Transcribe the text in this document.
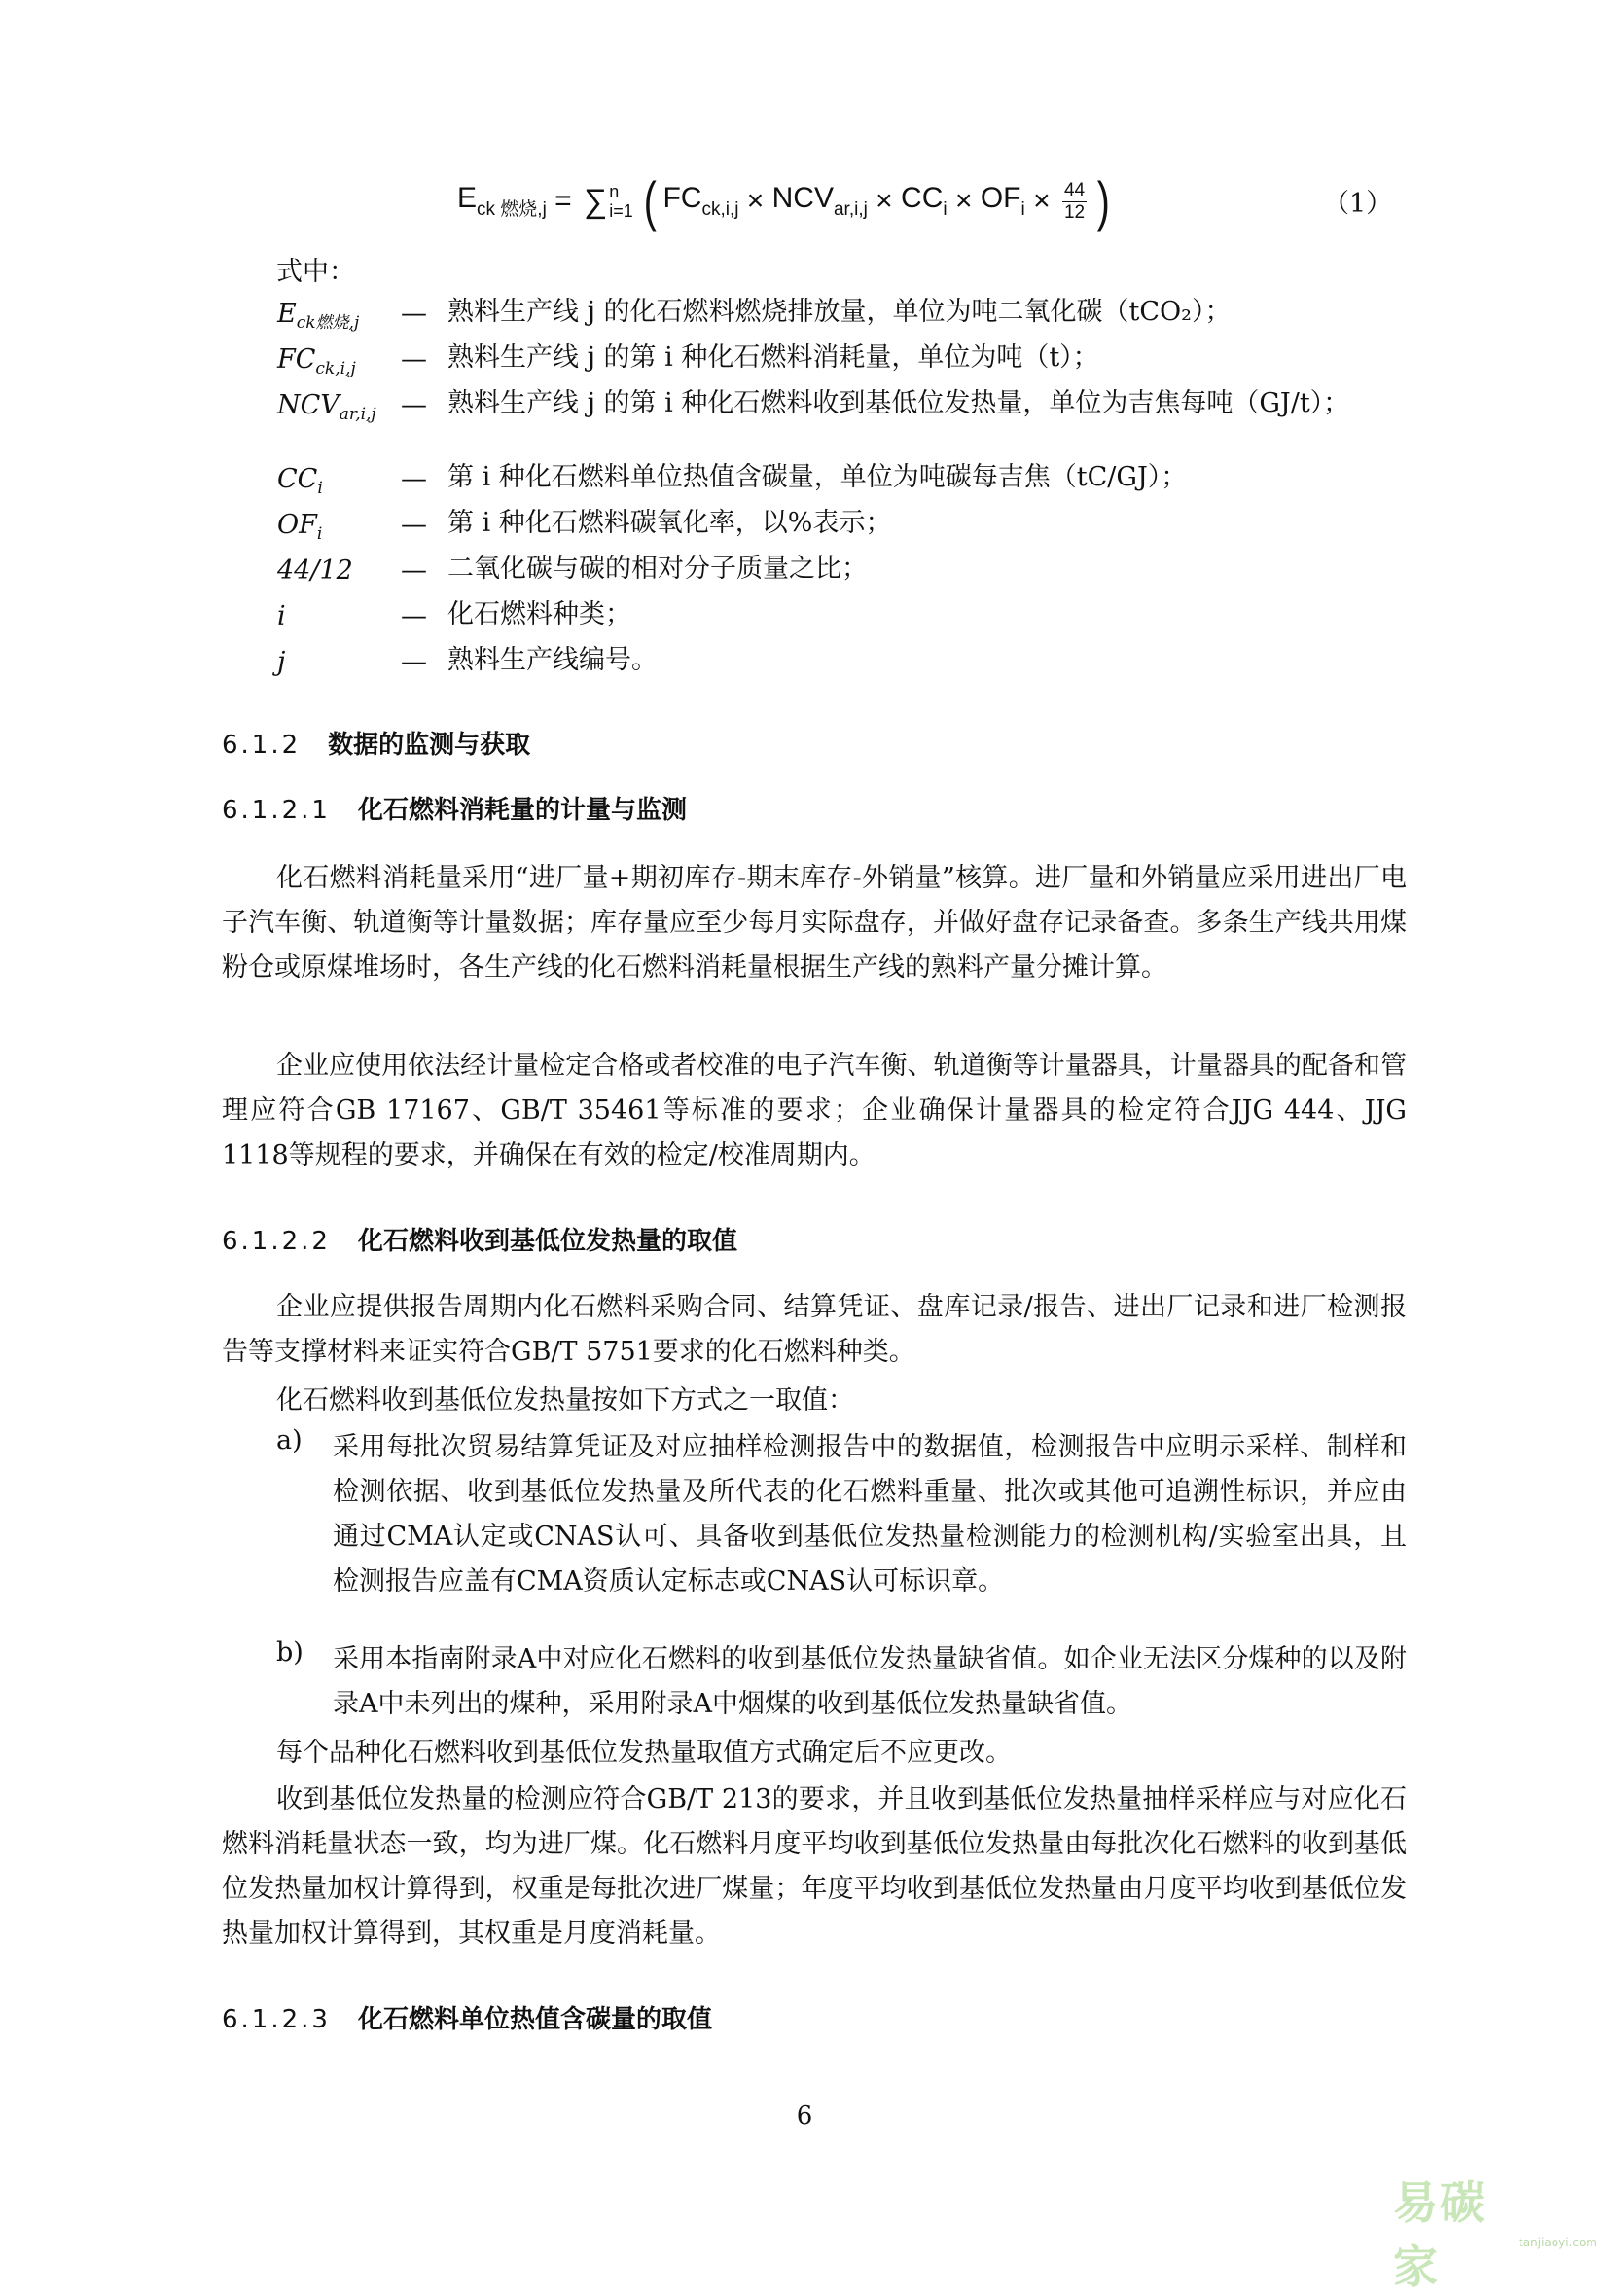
$E_{ck 燃烧,j}$ = ∑ n
i=1 ( $FC_{ck,i,j} \times NCV_{ar,i,j} \times CC_i \times OF_i \times \frac{44}{12}$ )	（1）
式中：
$E_{ck燃烧,j}$	— 熟料生产线 j 的化石燃料燃烧排放量，单位为吨二氧化碳（tCO₂）；
$FC_{ck,i,j}$	— 熟料生产线 j 的第 i 种化石燃料消耗量，单位为吨（t）；
$NCV_{ar,i,j}$ — 熟料生产线 j 的第 i 种化石燃料收到基低位发热量，单位为吉焦每吨（GJ/t）；
$CC_i$	— 第 i 种化石燃料单位热值含碳量，单位为吨碳每吉焦（tC/GJ）；
$OF_i$	— 第 i 种化石燃料碳氧化率，以%表示；
44/12	— 二氧化碳与碳的相对分子质量之比；
i	— 化石燃料种类；
j	— 熟料生产线编号。
6.1.2 数据的监测与获取
6.1.2.1 化石燃料消耗量的计量与监测
化石燃料消耗量采用“进厂量+期初库存-期末库存-外销量”核算。进厂量和外销量应采用进出厂电子汽车衡、轨道衡等计量数据；库存量应至少每月实际盘存，并做好盘存记录备查。多条生产线共用煤粉仓或原煤堆场时，各生产线的化石燃料消耗量根据生产线的熟料产量分摊计算。
企业应使用依法经计量检定合格或者校准的电子汽车衡、轨道衡等计量器具，计量器具的配备和管理应符合GB 17167、GB/T 35461等标准的要求；企业确保计量器具的检定符合JJG 444、JJG 1118等规程的要求，并确保在有效的检定/校准周期内。
6.1.2.2 化石燃料收到基低位发热量的取值
企业应提供报告周期内化石燃料采购合同、结算凭证、盘库记录/报告、进出厂记录和进厂检测报告等支撑材料来证实符合GB/T 5751要求的化石燃料种类。
化石燃料收到基低位发热量按如下方式之一取值：
a) 采用每批次贸易结算凭证及对应抽样检测报告中的数据值，检测报告中应明示采样、制样和检测依据、收到基低位发热量及所代表的化石燃料重量、批次或其他可追溯性标识，并应由通过CMA认定或CNAS认可、具备收到基低位发热量检测能力的检测机构/实验室出具，且检测报告应盖有CMA资质认定标志或CNAS认可标识章。
b) 采用本指南附录A中对应化石燃料的收到基低位发热量缺省值。如企业无法区分煤种的以及附录A中未列出的煤种，采用附录A中烟煤的收到基低位发热量缺省值。
每个品种化石燃料收到基低位发热量取值方式确定后不应更改。
收到基低位发热量的检测应符合GB/T 213的要求，并且收到基低位发热量抽样采样应与对应化石燃料消耗量状态一致，均为进厂煤。化石燃料月度平均收到基低位发热量由每批次化石燃料的收到基低位发热量加权计算得到，权重是每批次进厂煤量；年度平均收到基低位发热量由月度平均收到基低位发热量加权计算得到，其权重是月度消耗量。
6.1.2.3 化石燃料单位热值含碳量的取值
6
易碳家	tanjiaoyi.com
